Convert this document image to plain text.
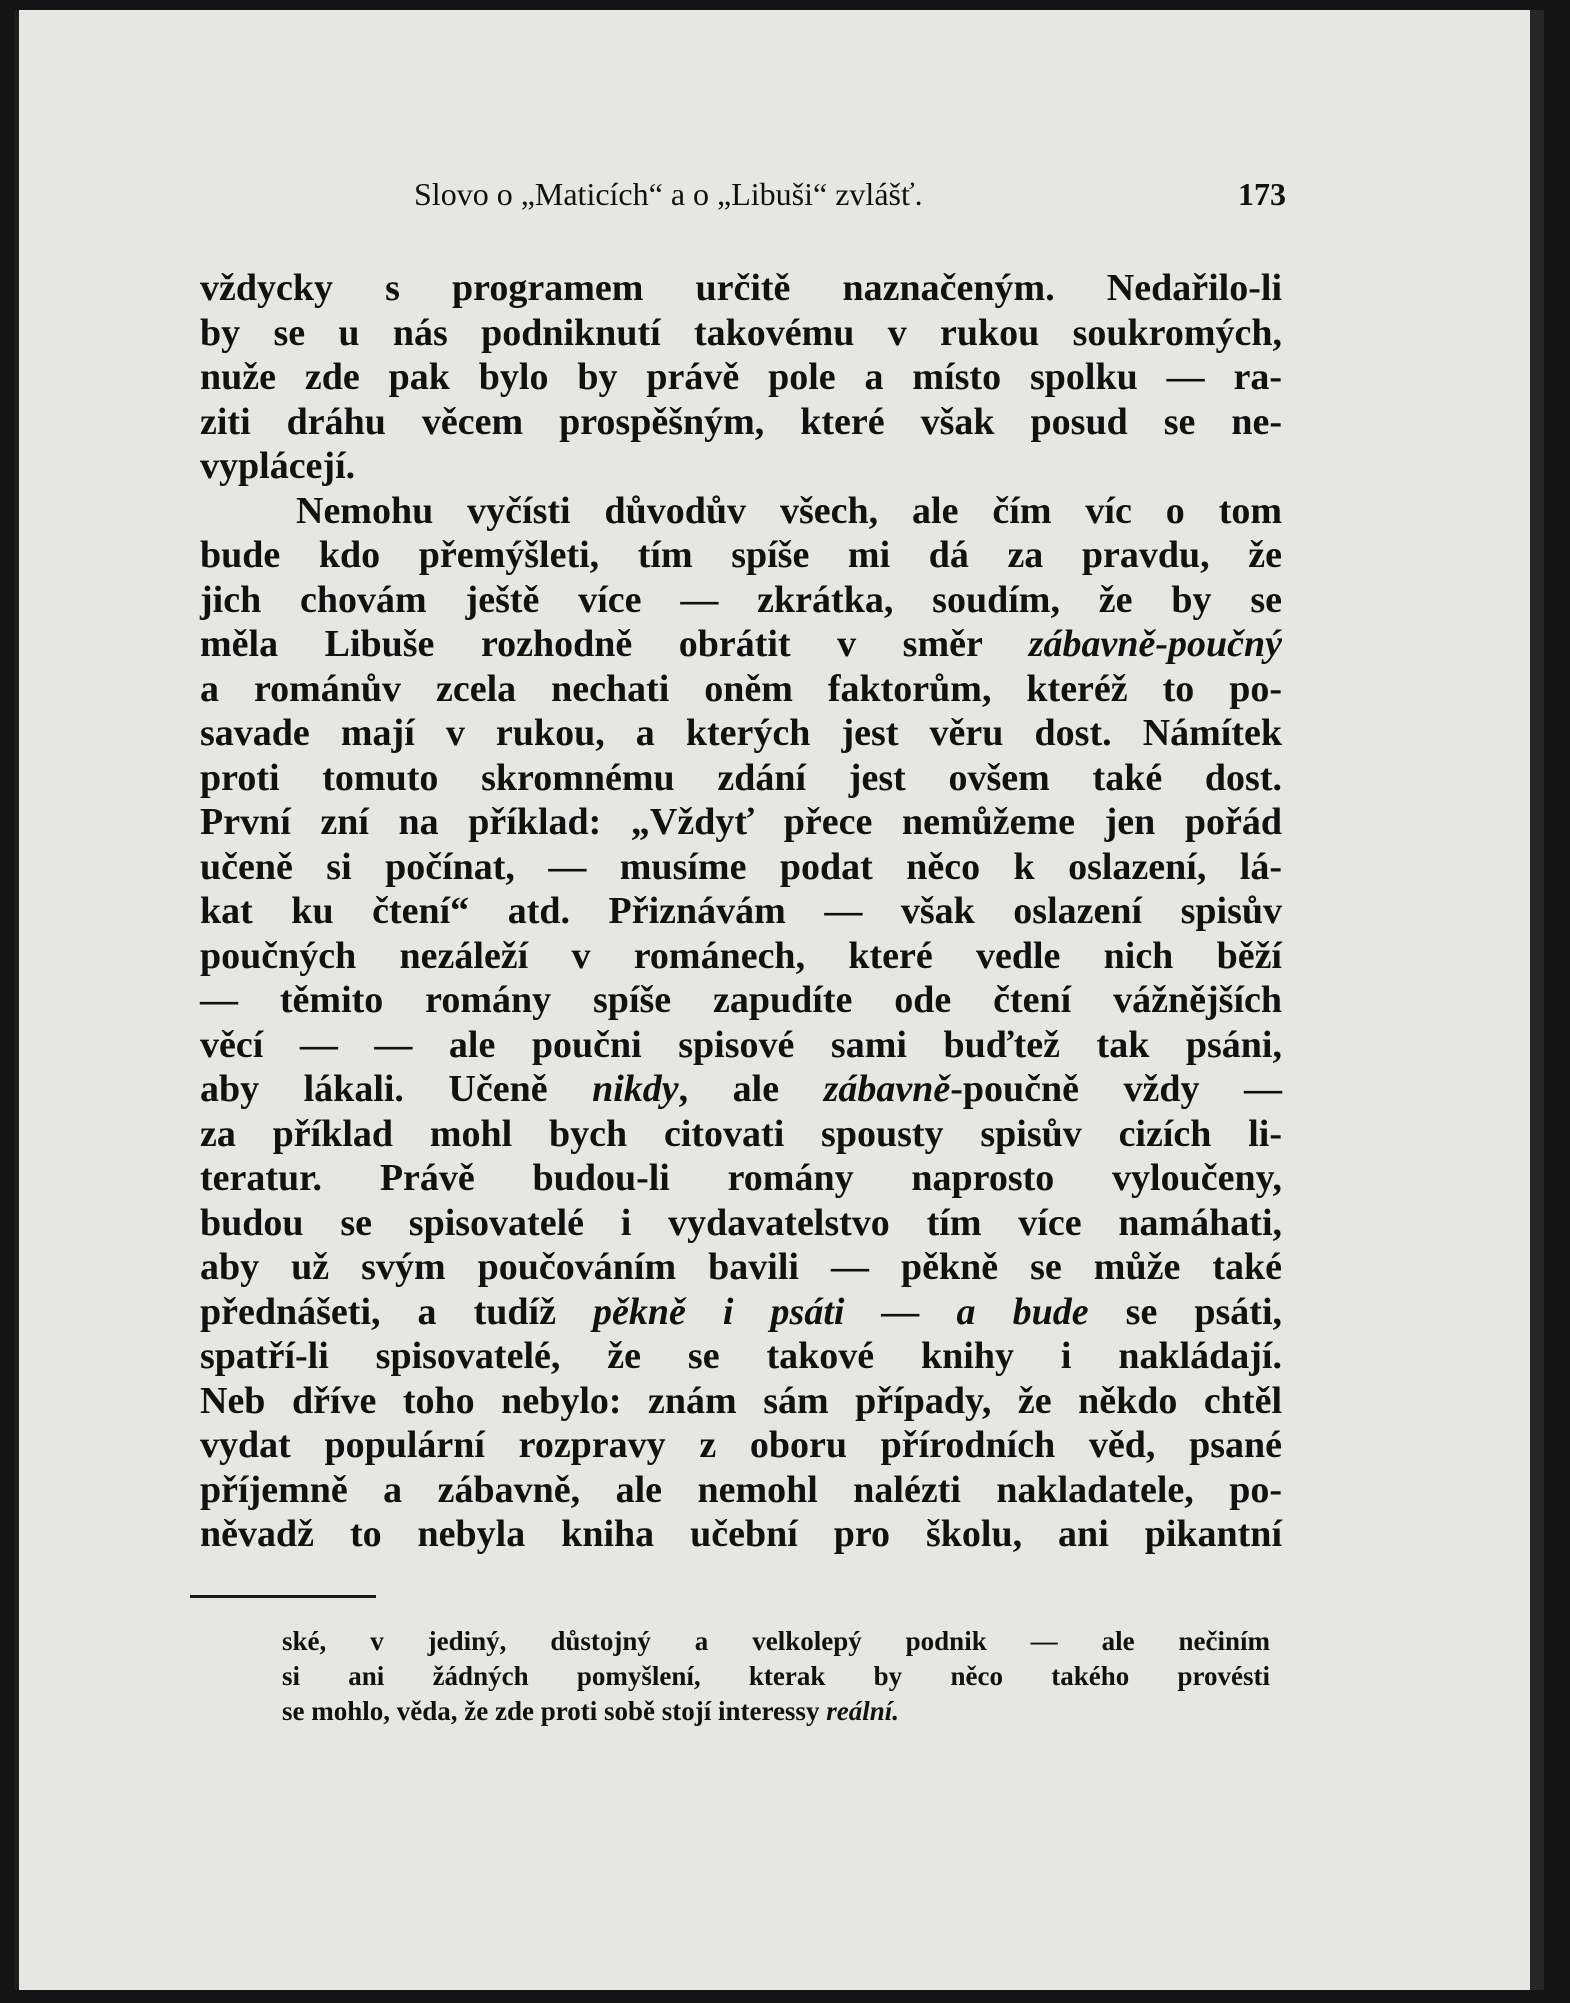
Slovo o „Maticích“ a o „Libuši“ zvlášť.	173
vždycky s programem určitě naznačeným. Nedařilo-li
by se u nás podniknutí takovému v rukou soukromých,
nuže zde pak bylo by právě pole a místo spolku — ra-
ziti dráhu věcem prospěšným, které však posud se ne-
vyplácejí.
Nemohu vyčísti důvodův všech, ale čím víc o tom
bude kdo přemýšleti, tím spíše mi dá za pravdu, že
jich chovám ještě více — zkrátka, soudím, že by se
měla Libuše rozhodně obrátit v směr zábavně-poučný
a románův zcela nechati oněm faktorům, kteréž to po-
savade mají v rukou, a kterých jest věru dost. Námítek
proti tomuto skromnému zdání jest ovšem také dost.
První zní na příklad: „Vždyť přece nemůžeme jen pořád
učeně si počínat, — musíme podat něco k oslazení, lá-
kat ku čtení“ atd. Přiznávám — však oslazení spisův
poučných nezáleží v románech, které vedle nich běží
— těmito romány spíše zapudíte ode čtení vážnějších
věcí — — ale poučni spisové sami buďtež tak psáni,
aby lákali. Učeně nikdy, ale zábavně-poučně vždy —
za příklad mohl bych citovati spousty spisův cizích li-
teratur. Právě budou-li romány naprosto vyloučeny,
budou se spisovatelé i vydavatelstvo tím více namáhati,
aby už svým poučováním bavili — pěkně se může také
přednášeti, a tudíž pěkně i psáti — a bude se psáti,
spatří-li spisovatelé, že se takové knihy i nakládají.
Neb dříve toho nebylo: znám sám případy, že někdo chtěl
vydat populární rozpravy z oboru přírodních věd, psané
příjemně a zábavně, ale nemohl nalézti nakladatele, po-
něvadž to nebyla kniha učební pro školu, ani pikantní
ské, v jediný, důstojný a velkolepý podnik — ale nečiním
si ani žádných pomyšlení, kterak by něco takého provésti
se mohlo, věda, že zde proti sobě stojí interessy reální.
